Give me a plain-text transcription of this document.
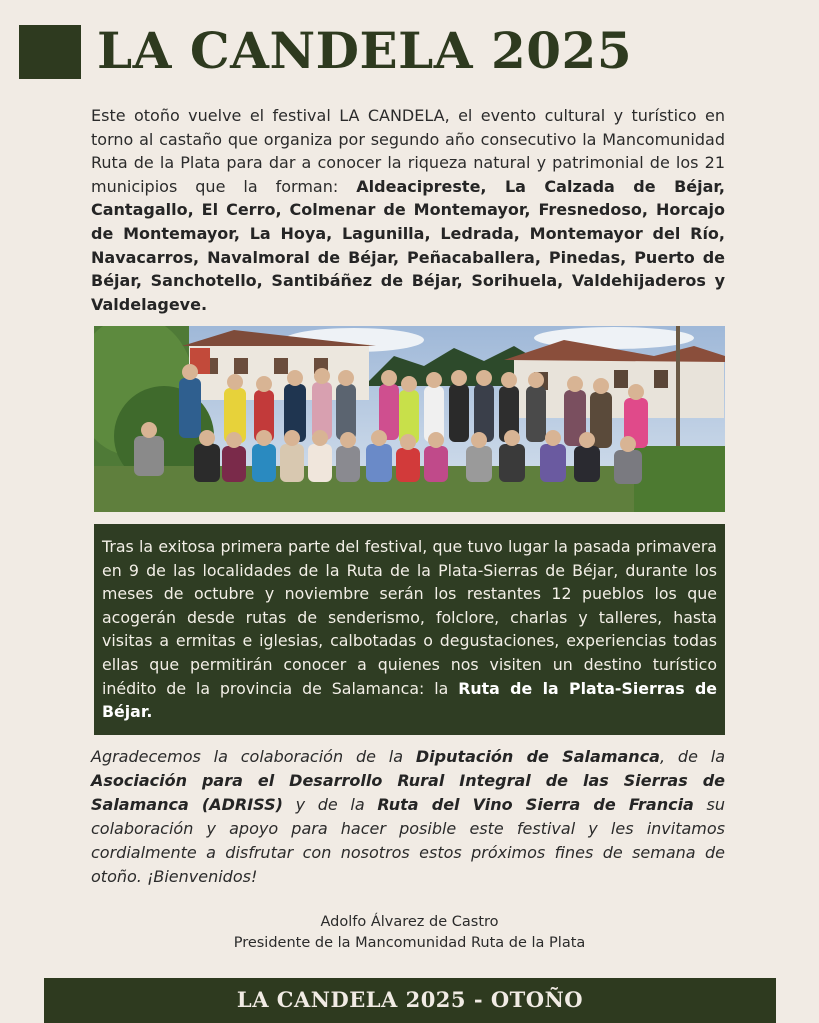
LA CANDELA 2025
Este otoño vuelve el festival LA CANDELA, el evento cultural y turístico en torno al castaño que organiza por segundo año consecutivo la Mancomunidad Ruta de la Plata para dar a conocer la riqueza natural y patrimonial de los 21 municipios que la forman: Aldeacipreste, La Calzada de Béjar, Cantagallo, El Cerro, Colmenar de Montemayor, Fresnedoso, Horcajo de Montemayor, La Hoya, Lagunilla, Ledrada, Montemayor del Río, Navacarros, Navalmoral de Béjar, Peñacaballera, Pinedas, Puerto de Béjar, Sanchotello, Santibáñez de Béjar, Sorihuela, Valdehijaderos y Valdelageve.
Tras la exitosa primera parte del festival, que tuvo lugar la pasada primavera en 9 de las localidades de la Ruta de la Plata-Sierras de Béjar, durante los meses de octubre y noviembre serán los restantes 12 pueblos los que acogerán desde rutas de senderismo, folclore, charlas y talleres, hasta visitas a ermitas e iglesias, calbotadas o degustaciones, experiencias todas ellas que permitirán conocer a quienes nos visiten un destino turístico inédito de la provincia de Salamanca: la Ruta de la Plata-Sierras de Béjar.
Agradecemos la colaboración de la Diputación de Salamanca, de la Asociación para el Desarrollo Rural Integral de las Sierras de Salamanca (ADRISS) y de la Ruta del Vino Sierra de Francia su colaboración y apoyo para hacer posible este festival y les invitamos cordialmente a disfrutar con nosotros estos próximos fines de semana de otoño. ¡Bienvenidos!
Adolfo Álvarez de Castro
Presidente de la Mancomunidad Ruta de la Plata
LA CANDELA 2025 - OTOÑO
